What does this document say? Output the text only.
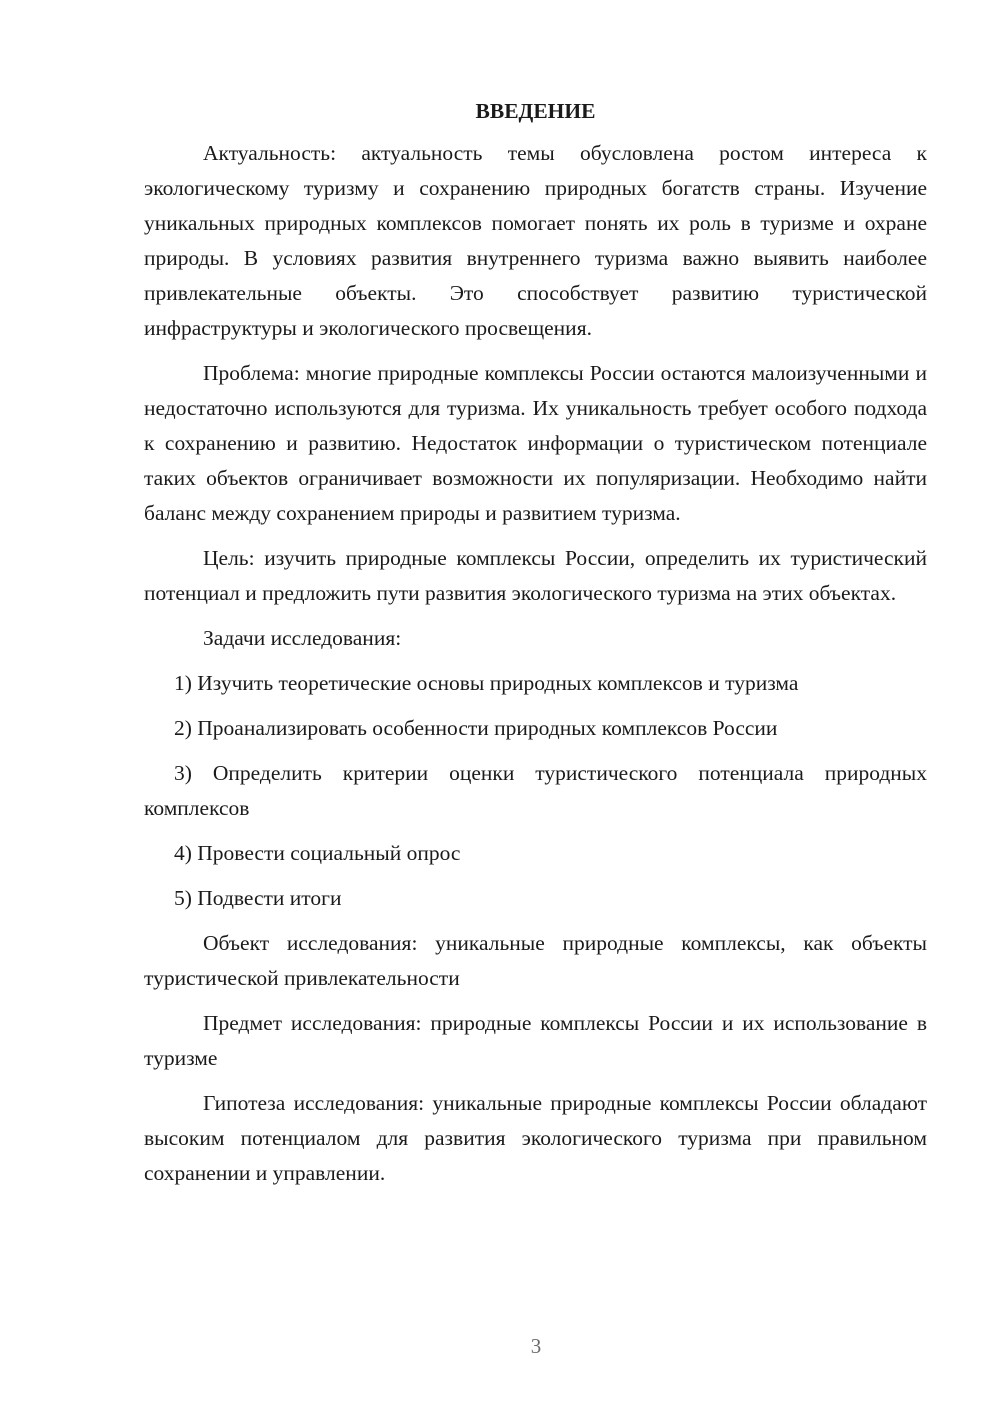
ВВЕДЕНИЕ
Актуальность: актуальность темы обусловлена ростом интереса к экологическому туризму и сохранению природных богатств страны. Изучение уникальных природных комплексов помогает понять их роль в туризме и охране природы. В условиях развития внутреннего туризма важно выявить наиболее привлекательные объекты. Это способствует развитию туристической инфраструктуры и экологического просвещения.
Проблема: многие природные комплексы России остаются малоизученными и недостаточно используются для туризма. Их уникальность требует особого подхода к сохранению и развитию. Недостаток информации о туристическом потенциале таких объектов ограничивает возможности их популяризации. Необходимо найти баланс между сохранением природы и развитием туризма.
Цель: изучить природные комплексы России, определить их туристический потенциал и предложить пути развития экологического туризма на этих объектах.
Задачи исследования:
1) Изучить теоретические основы природных комплексов и туризма
2) Проанализировать особенности природных комплексов России
3) Определить критерии оценки туристического потенциала природных комплексов
4) Провести социальный опрос
5) Подвести итоги
Объект исследования: уникальные природные комплексы, как объекты туристической привлекательности
Предмет исследования: природные комплексы России и их использование в туризме
Гипотеза исследования: уникальные природные комплексы России обладают высоким потенциалом для развития экологического туризма при правильном сохранении и управлении.
3
